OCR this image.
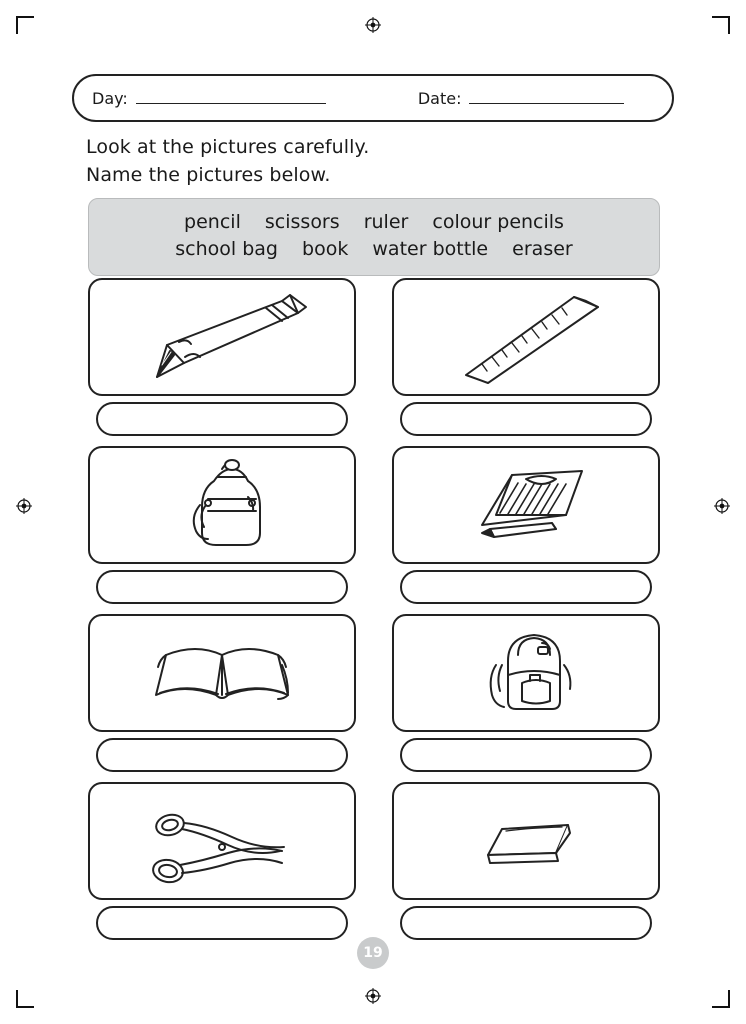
Day:	Date:
Look at the pictures carefully.
Name the pictures below.
pencil scissors ruler colour pencils
school bag book water bottle eraser
19
